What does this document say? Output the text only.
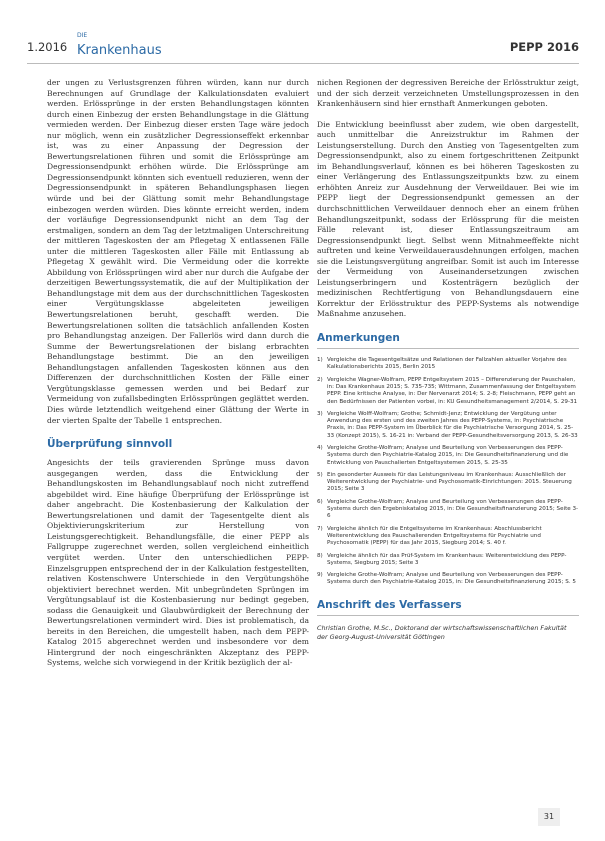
1.2016
DIE
Krankenhaus	PEPP 2016

der ungen zu Verlustsgrenzen führen würden, kann nur durch Berechnungen auf Grundlage der Kalkulationsdaten evaluiert werden. Erlössprünge in der ersten Behandlungstagen könnten durch einen Einbezug der ersten Behandlungstage in die Glättung vermieden werden. Der Einbezug dieser ersten Tage wäre jedoch nur möglich, wenn ein zusätzlicher Degressionseffekt erkennbar ist, was zu einer Anpassung der Degression der Bewertungsrelationen führen und somit die Erlössprünge am Degressionsendpunkt erhöhen würde. Die Erlössprünge am Degressionsendpunkt könnten sich eventuell reduzieren, wenn der Degressionsendpunkt in späteren Behandlungsphasen liegen würde und bei der Glättung somit mehr Behandlungstage einbezogen werden würden. Dies könnte erreicht werden, indem der vorläufige Degressionsendpunkt nicht an dem Tag der erstmaligen, sondern an dem Tag der letztmaligen Unterschreitung der mittleren Tageskosten der am Pflegetag X entlassenen Fälle unter die mittleren Tageskosten aller Fälle mit Entlassung ab Pflegetag X gewählt wird. Die Vermeidung oder die korrekte Abbildung von Erlössprüngen wird aber nur durch die Aufgabe der derzeitigen Bewertungssystematik, die auf der Multiplikation der Behandlungstage mit dem aus der durchschnittlichen Tageskosten einer Vergütungsklasse abgeleiteten jeweiligen Bewertungsrelationen beruht, geschafft werden. Die Bewertungsrelationen sollten die tatsächlich anfallenden Kosten pro Behandlungstag anzeigen. Der Fallerlös wird dann durch die Summe der Bewertungsrelationen der bislang erbrachten Behandlungstage bestimmt. Die an den jeweiligen Behandlungstagen anfallenden Tageskosten können aus den Differenzen der durchschnittlichen Kosten der Fälle einer Vergütungsklasse gemessen werden und bei Bedarf zur Vermeidung von zufallsbedingten Erlössprüngen geglättet werden. Dies würde letztendlich weitgehend einer Glättung der Werte in der vierten Spalte der Tabelle 1 entsprechen.

Überprüfung sinnvoll

Angesichts der teils gravierenden Sprünge muss davon ausgegangen werden, dass die Entwicklung der Behandlungskosten im Behandlungsablauf noch nicht zutreffend abgebildet wird. Eine häufige Überprüfung der Erlössprünge ist daher angebracht. Die Kostenbasierung der Kalkulation der Bewertungsrelationen und damit der Tagesentgelte dient als Objektivierungskriterium zur Herstellung von Leistungsgerechtigkeit. Behandlungsfälle, die einer PEPP als Fallgruppe zugerechnet werden, sollen vergleichend einheitlich vergütet werden. Unter den unterschiedlichen PEPP-Einzelsgruppen entsprechend der in der Kalkulation festgestellten, relativen Kostenschwere Unterschiede in den Vergütungshöhe objektiviert berechnet werden. Mit unbegründeten Sprüngen im Vergütungsablauf ist die Kostenbasierung nur bedingt gegeben, sodass die Genauigkeit und Glaubwürdigkeit der Berechnung der Bewertungsrelationen vermindert wird. Dies ist problematisch, da bereits in den Bereichen, die umgestellt haben, nach dem PEPP-Katalog 2015 abgerechnet werden und insbesondere vor dem Hintergrund der noch eingeschränkten Akzeptanz des PEPP-Systems, welche sich vorwiegend in der Kritik bezüglich der al-

nichen Regionen der degressiven Bereiche der Erlösstruktur zeigt, und der sich derzeit verzeichneten Umstellungsprozessen in den Krankenhäusern sind hier ernsthaft Anmerkungen geboten.

Die Entwicklung beeinflusst aber zudem, wie oben dargestellt, auch unmittelbar die Anreizstruktur im Rahmen der Leistungserstellung. Durch den Anstieg von Tagesentgelten zum Degressionsendpunkt, also zu einem fortgeschrittenen Zeitpunkt im Behandlungsverlauf, können es bei höheren Tageskosten zu einer Verlängerung des Entlassungszeitpunkts bzw. zu einem erhöhten Anreiz zur Ausdehnung der Verweildauer. Bei wie im PEPP liegt der Degressionsendpunkt gemessen an der durchschnittlichen Verweildauer dennoch eher an einem frühen Behandlungszeitpunkt, sodass der Erlössprung für die meisten Fälle relevant ist, dieser Entlassungszeitraum am Degressionsendpunkt liegt. Selbst wenn Mitnahmeeffekte nicht auftreten und keine Verweildauerausdehnungen erfolgen, machen sie die Leistungsvergütung angreifbar. Somit ist auch im Interesse der Vermeidung von Auseinandersetzungen zwischen Leistungserbringern und Kostenträgern bezüglich der medizinischen Rechtfertigung von Behandlungsdauern eine Korrektur der Erlösstruktur des PEPP-Systems als notwendige Maßnahme anzusehen.

Anmerkungen
1) Vergleiche die Tagesentgeltsätze und Relationen der Fallzahlen aktueller Vorjahre des Kalkulationsberichts 2015, Berlin 2015
2) Vergleiche Wagner-Wolfram, PEPP Entgeltsystem 2015 – Differenzierung der Pauschalen, in: Das Krankenhaus 2015; S. 735-735; Wittmann, Zusammenfassung der Entgeltsystem PEPP. Eine kritische Analyse, in: Der Nervenarzt 2014; S. 2-8; Fleischmann, PEPP geht an den Bedürfnissen der Patienten vorbei, in: KU Gesundheitsmanagement 2/2014, S. 29-31
3) Vergleiche Wolff-Wolfram; Grothe; Schmidt-Jenz; Entwicklung der Vergütung unter Anwendung des ersten und des zweiten Jahres des PEPP-Systems, in: Psychiatrische Praxis, in: Das PEPP-System im Überblick für die Psychiatrische Versorgung 2014, S. 25-33 (Konzept 2015), S. 16-21 in: Verband der PEPP-Gesundheitsversorgung 2013, S. 26-33
4) Vergleiche Grothe-Wolfram; Analyse und Beurteilung von Verbesserungen des PEPP-Systems durch den Psychiatrie-Katalog 2015, in: Die Gesundheitsfinanzierung und die Entwicklung von Pauschalierten Entgeltsystemen 2015, S. 25-35
5) Ein gesonderter Ausweis für das Leistungsniveau im Krankenhaus: Ausschließlich der Weiterentwicklung der Psychiatrie- und Psychosomatik-Einrichtungen: 2015. Steuerung 2015; Seite 3
6) Vergleiche Grothe-Wolfram; Analyse und Beurteilung von Verbesserungen des PEPP-Systems durch den Ergebniskatalog 2015, in: Die Gesundheitsfinanzierung 2015; Seite 3-6
7) Vergleiche ähnlich für die Entgeltsysteme im Krankenhaus: Abschlussbericht Weiterentwicklung des Pauschalierenden Entgeltsystems für Psychiatrie und Psychosomatik (PEPP) für das Jahr 2015, Siegburg 2014; S. 40 f.
8) Vergleiche ähnlich für das Prüf-System im Krankenhaus: Weiterentwicklung des PEPP-Systems, Siegburg 2015; Seite 3
9) Vergleiche Grothe-Wolfram; Analyse und Beurteilung von Verbesserungen des PEPP-Systems durch den Psychiatrie-Katalog 2015, in: Die Gesundheitsfinanzierung 2015; S. 5
Anschrift des Verfassers

Christian Grothe, M.Sc., Doktorand der wirtschaftswissenschaftlichen Fakultät der Georg-August-Universität Göttingen

31
